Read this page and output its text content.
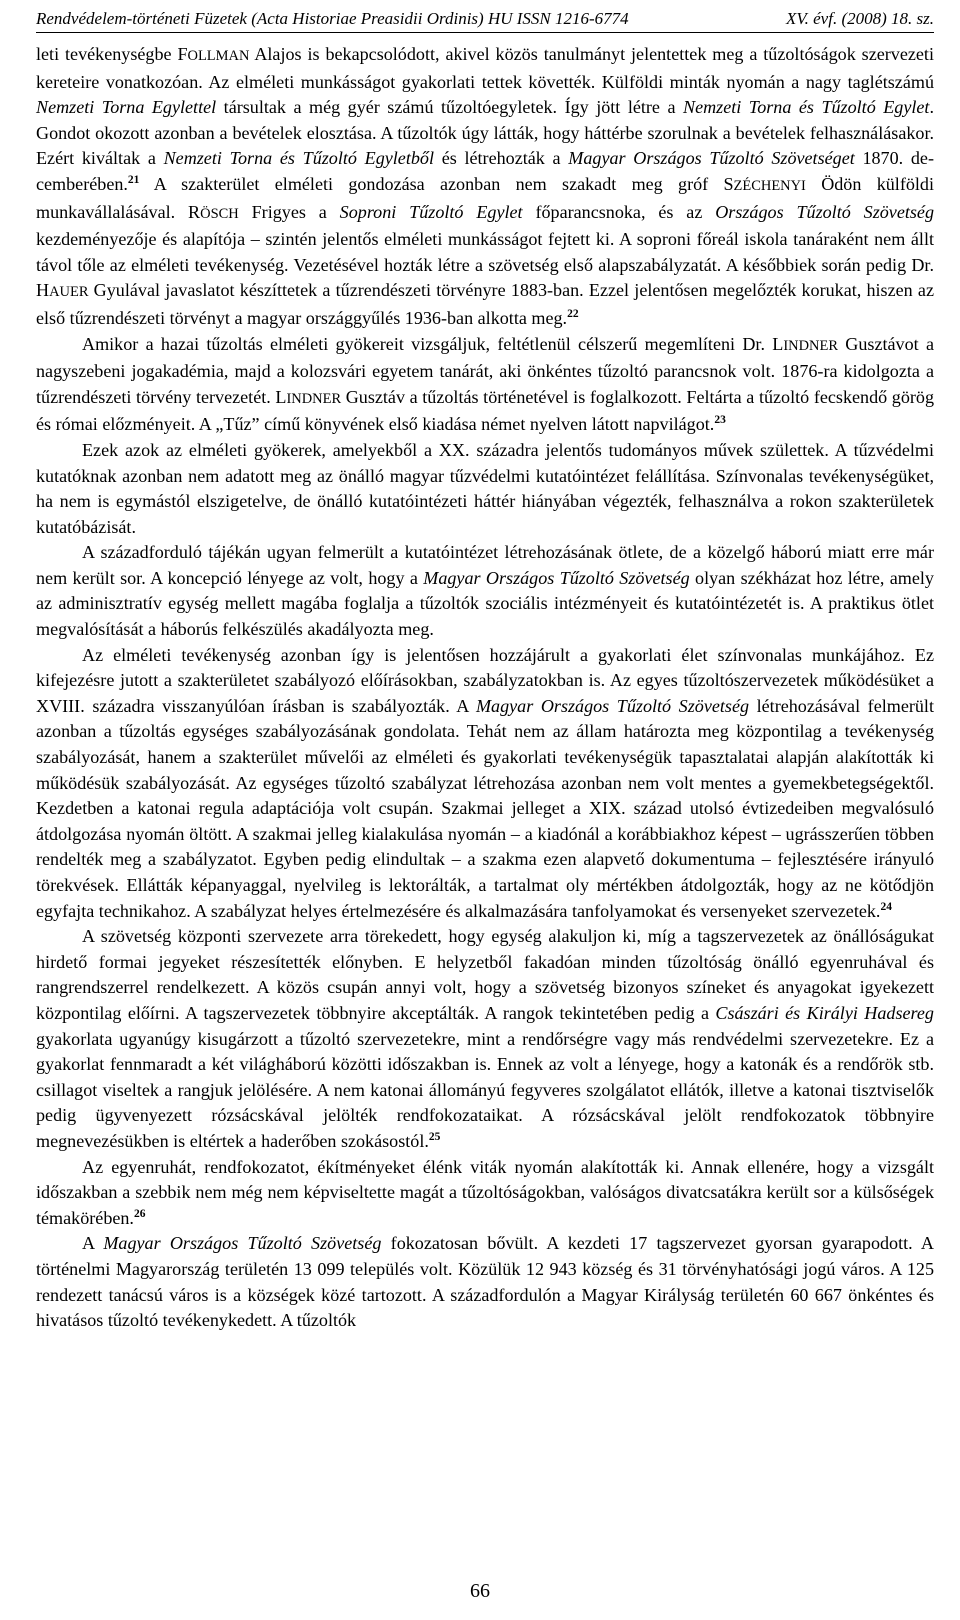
Rendvédelem-történeti Füzetek (Acta Historiae Preasidii Ordinis) HU ISSN 1216-6774	XV. évf. (2008) 18. sz.

leti tevékenységbe FOLLMAN Alajos is bekapcsolódott, akivel közös tanulmányt jelentettek meg a tűzoltóságok szervezeti kereteire vonatkozóan. Az elméleti munkásságot gyakorlati tettek követték. Külföldi minták nyomán a nagy taglétszámú Nemzeti Torna Egylettel társultak a még gyér számú tűzoltóegyletek. Így jött létre a Nemzeti Torna és Tűzoltó Egylet. Gondot okozott azonban a bevételek elosztása. A tűzoltók úgy látták, hogy háttérbe szorulnak a bevételek felhasználásakor. Ezért kiváltak a Nemzeti Torna és Tűzoltó Egyletből és létrehozták a Magyar Országos Tűzoltó Szövetséget 1870. decemberében.$^{21}$ A szakterület elméleti gondozása azonban nem szakadt meg gróf SZÉCHENYI Ödön külföldi munkavállalásával. RÖSCH Frigyes a Soproni Tűzoltó Egylet főparancsnoka, és az Országos Tűzoltó Szövetség kezdeményezője és alapítója – szintén jelentős elméleti munkásságot fejtett ki. A soproni főreál iskola tanáraként nem állt távol tőle az elméleti tevékenység. Vezetésével hozták létre a szövetség első alapszabályzatát. A későbbiek során pedig Dr. HAUER Gyulával javaslatot készíttetek a tűzrendészeti törvényre 1883-ban. Ezzel jelentősen megelőzték korukat, hiszen az első tűzrendészeti törvényt a magyar országgyűlés 1936-ban alkotta meg.$^{22}$

Amikor a hazai tűzoltás elméleti gyökereit vizsgáljuk, feltétlenül célszerű megemlíteni Dr. LINDNER Gusztávot a nagyszebeni jogakadémia, majd a kolozsvári egyetem tanárát, aki önkéntes tűzoltó parancsnok volt. 1876-ra kidolgozta a tűzrendészeti törvény tervezetét. LINDNER Gusztáv a tűzoltás történetével is foglalkozott. Feltárta a tűzoltó fecskendő görög és római előzményeit. A „Tűz” című könyvének első kiadása német nyelven látott napvilágot.$^{23}$

Ezek azok az elméleti gyökerek, amelyekből a XX. századra jelentős tudományos művek születtek. A tűzvédelmi kutatóknak azonban nem adatott meg az önálló magyar tűzvédelmi kutatóintézet felállítása. Színvonalas tevékenységüket, ha nem is egymástól elszigetelve, de önálló kutatóintézeti háttér hiányában végezték, felhasználva a rokon szakterületek kutatóbázisát.

A századforduló tájékán ugyan felmerült a kutatóintézet létrehozásának ötlete, de a közelgő háború miatt erre már nem került sor. A koncepció lényege az volt, hogy a Magyar Országos Tűzoltó Szövetség olyan székházat hoz létre, amely az adminisztratív egység mellett magába foglalja a tűzoltók szociális intézményeit és kutatóintézetét is. A praktikus ötlet megvalósítását a háborús felkészülés akadályozta meg.

Az elméleti tevékenység azonban így is jelentősen hozzájárult a gyakorlati élet színvonalas munkájához. Ez kifejezésre jutott a szakterületet szabályozó előírásokban, szabályzatokban is. Az egyes tűzoltószervezetek működésüket a XVIII. századra visszanyúlóan írásban is szabályozták. A Magyar Országos Tűzoltó Szövetség létrehozásával felmerült azonban a tűzoltás egységes szabályozásának gondolata. Tehát nem az állam határozta meg központilag a tevékenység szabályozását, hanem a szakterület művelői az elméleti és gyakorlati tevékenységük tapasztalatai alapján alakították ki működésük szabályozását. Az egységes tűzoltó szabályzat létrehozása azonban nem volt mentes a gyemekbetegségektől. Kezdetben a katonai regula adaptációja volt csupán. Szakmai jelleget a XIX. század utolsó évtizedeiben megvalósuló átdolgozása nyomán öltött. A szakmai jelleg kialakulása nyomán – a kiadónál a korábbiakhoz képest – ugrásszerűen többen rendelték meg a szabályzatot. Egyben pedig elindultak – a szakma ezen alapvető dokumentuma – fejlesztésére irányuló törekvések. Ellátták képanyaggal, nyelvileg is lektorálták, a tartalmat oly mértékben átdolgozták, hogy az ne kötődjön egyfajta technikahoz. A szabályzat helyes értelmezésére és alkalmazására tanfolyamokat és versenyeket szervezetek.$^{24}$

A szövetség központi szervezete arra törekedett, hogy egység alakuljon ki, míg a tagszervezetek az önállóságukat hirdető formai jegyeket részesítették előnyben. E helyzetből fakadóan minden tűzoltóság önálló egyenruhával és rangrendszerrel rendelkezett. A közös csupán annyi volt, hogy a szövetség bizonyos színeket és anyagokat igyekezett központilag előírni. A tagszervezetek többnyire akceptálták. A rangok tekintetében pedig a Császári és Királyi Hadsereg gyakorlata ugyanúgy kisugárzott a tűzoltó szervezetekre, mint a rendőrségre vagy más rendvédelmi szervezetekre. Ez a gyakorlat fennmaradt a két világháború közötti időszakban is. Ennek az volt a lényege, hogy a katonák és a rendőrök stb. csillagot viseltek a rangjuk jelölésére. A nem katonai állományú fegyveres szolgálatot ellátók, illetve a katonai tisztviselők pedig ügyvenyezett rózsácskával jelölték rendfokozataikat. A rózsácskával jelölt rendfokozatok többnyire megnevezésükben is eltértek a haderőben szokásostól.$^{25}$

Az egyenruhát, rendfokozatot, ékítményeket élénk viták nyomán alakították ki. Annak ellenére, hogy a vizsgált időszakban a szebbik nem még nem képviseltette magát a tűzoltóságokban, valóságos divatcsatákra került sor a külsőségek témakörében.$^{26}$

A Magyar Országos Tűzoltó Szövetség fokozatosan bővült. A kezdeti 17 tagszervezet gyorsan gyarapodott. A történelmi Magyarország területén 13 099 település volt. Közülük 12 943 község és 31 törvényhatósági jogú város. A 125 rendezett tanácsú város is a községek közé tartozott. A századfordulón a Magyar Királyság területén 60 667 önkéntes és hivatásos tűzoltó tevékenykedett. A tűzoltók

66
